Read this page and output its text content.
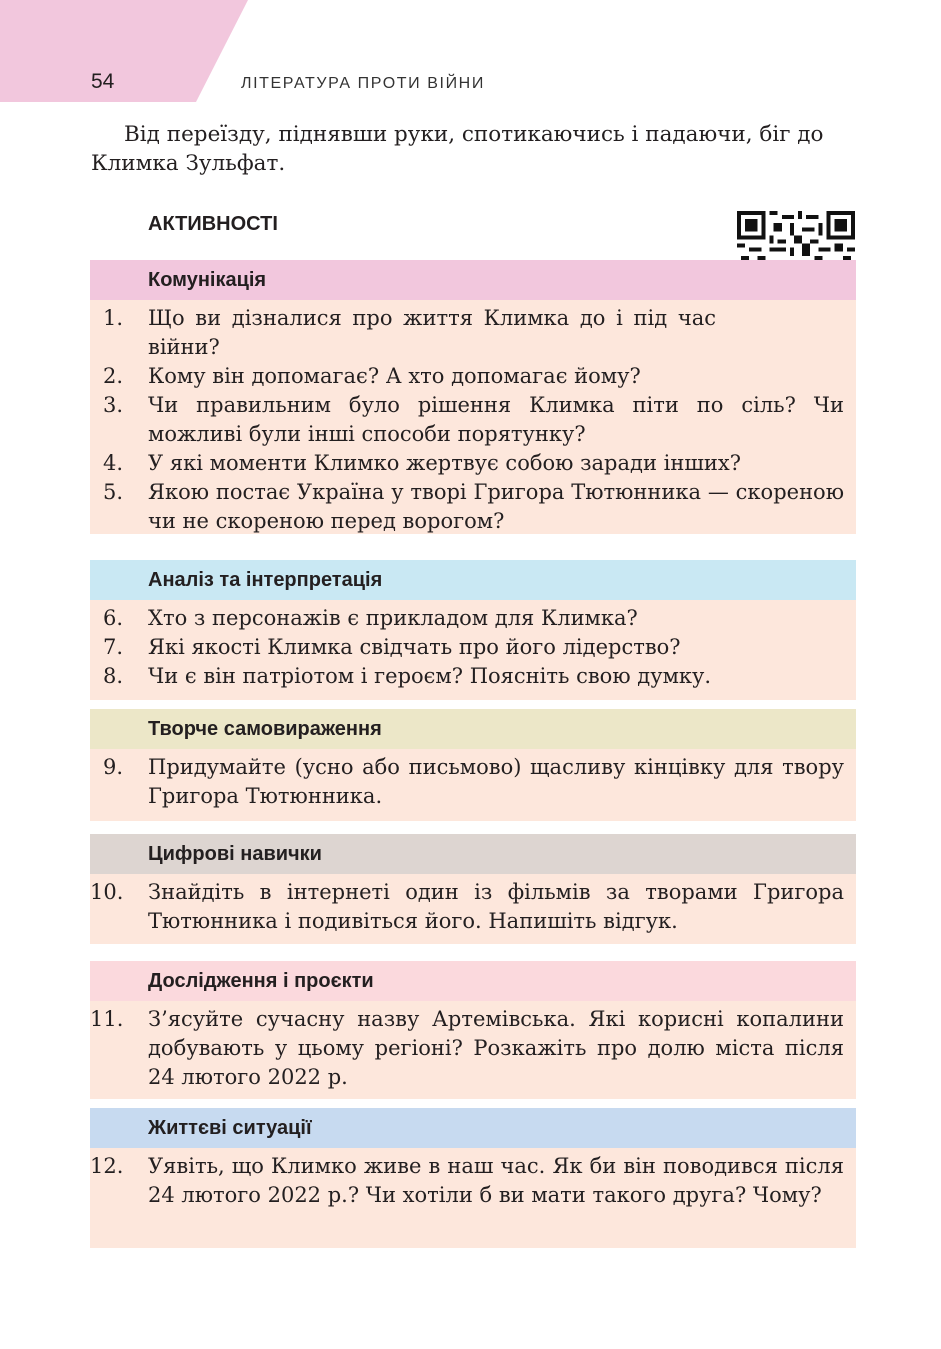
54	ЛІТЕРАТУРА ПРОТИ ВІЙНИ

Від переїзду, піднявши руки, спотикаючись і падаючи, біг до Климка Зульфат.

АКТИВНОСТІ
Комунікація
1. Що ви дізналися про життя Климка до і під час війни?
2. Кому він допомагає? А хто допомагає йому?
3. Чи правильним було рішення Климка піти по сіль? Чи можливі були інші способи порятунку?
4. У які моменти Климко жертвує собою заради інших?
5. Якою постає Україна у творі Григора Тютюнника — скореною чи не скореною перед ворогом?
Аналіз та інтерпретація
6. Хто з персонажів є прикладом для Климка?
7. Які якості Климка свідчать про його лідерство?
8. Чи є він патріотом і героєм? Поясніть свою думку.
Творче самовираження
9. Придумайте (усно або письмово) щасливу кінцівку для твору Григора Тютюнника.
Цифрові навички
10. Знайдіть в інтернеті один із фільмів за творами Григора Тютюнника і подивіться його. Напишіть відгук.
Дослідження і проєкти
11. З’ясуйте сучасну назву Артемівська. Які корисні копалини добувають у цьому регіоні? Розкажіть про долю міста після 24 лютого 2022 р.
Життєві ситуації
12. Уявіть, що Климко живе в наш час. Як би він поводився після 24 лютого 2022 р.? Чи хотіли б ви мати такого друга? Чому?
